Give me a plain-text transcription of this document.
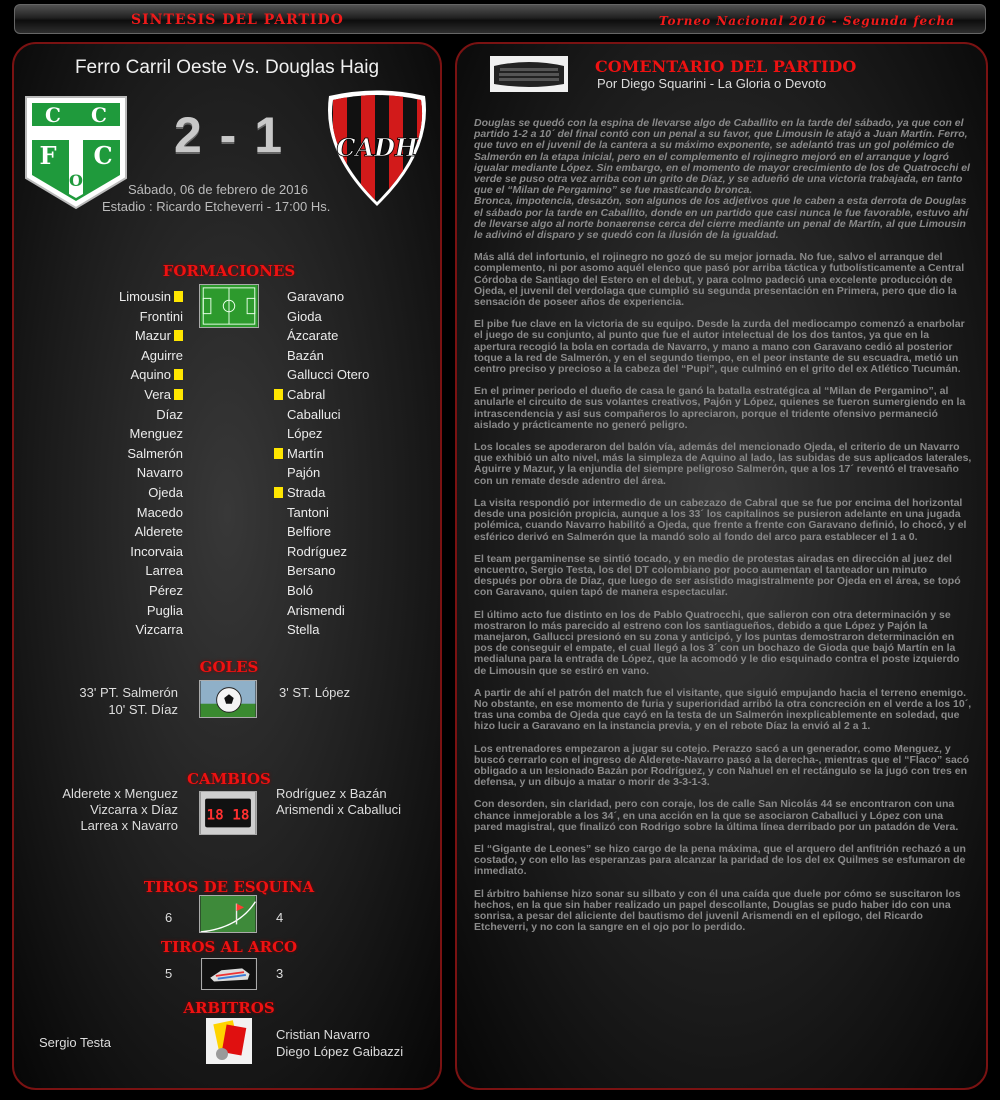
SINTESIS DEL PARTIDO	Torneo Nacional 2016 - Segunda fecha
Ferro Carril Oeste Vs. Douglas Haig
C C
F C
O
2 - 1 CADH
Sábado, 06 de febrero de 2016
Estadio : Ricardo Etcheverri - 17:00 Hs.
FORMACIONES
Limousin
Frontini
Mazur
Aguirre
Aquino
Vera
Díaz
Menguez
Salmerón
Navarro
Ojeda
Macedo
Alderete
Incorvaia
Larrea
Pérez
Puglia
Vizcarra
Garavano
Gioda
Ázcarate
Bazán
Gallucci Otero
Cabral
Caballuci
López
Martín
Pajón
Strada
Tantoni
Belfiore
Rodríguez
Bersano
Boló
Arismendi
Stella
GOLES
33' PT. Salmerón
10' ST. Díaz
3' ST. López
CAMBIOS
Alderete x Menguez
Vizcarra x Díaz
Larrea x Navarro
18 18
Rodríguez x Bazán
Arismendi x Caballuci
TIROS DE ESQUINA
6	4
TIROS AL ARCO
5	3
ARBITROS
Sergio Testa
Cristian Navarro
Diego López Gaibazzi
COMENTARIO DEL PARTIDO
Por Diego Squarini - La Gloria o Devoto

Douglas se quedó con la espina de llevarse algo de Caballito en la tarde del sábado, ya que con el partido 1-2 a 10´ del final contó con un penal a su favor, que Limousin le atajó a Juan Martín. Ferro, que tuvo en el juvenil de la cantera a su máximo exponente, se adelantó tras un gol polémico de Salmerón en la etapa inicial, pero en el complemento el rojinegro mejoró en el arranque y logró igualar mediante López. Sin embargo, en el momento de mayor crecimiento de los de Quatrocchi el verde se puso otra vez arriba con un grito de Díaz, y se adueñó de una victoria trabajada, en tanto que el “Milan de Pergamino” se fue masticando bronca.

Bronca, impotencia, desazón, son algunos de los adjetivos que le caben a esta derrota de Douglas el sábado por la tarde en Caballito, donde en un partido que casi nunca le fue favorable, estuvo ahí de llevarse algo al norte bonaerense cerca del cierre mediante un penal de Martín, al que Limousin le adivinó el disparo y se quedó con la ilusión de la igualdad.

Más allá del infortunio, el rojinegro no gozó de su mejor jornada. No fue, salvo el arranque del complemento, ni por asomo aquél elenco que pasó por arriba táctica y futbolísticamente a Central Córdoba de Santiago del Estero en el debut, y para colmo padeció una excelente producción de Ojeda, el juvenil del verdolaga que cumplió su segunda presentación en Primera, pero que dio la sensación de poseer años de experiencia.

El pibe fue clave en la victoria de su equipo. Desde la zurda del mediocampo comenzó a enarbolar el juego de su conjunto, al punto que fue el autor intelectual de los dos tantos, ya que en la apertura recogió la bola en cortada de Navarro, y mano a mano con Garavano cedió al posterior toque a la red de Salmerón, y en el segundo tiempo, en el peor instante de su escuadra, metió un centro preciso y precioso a la cabeza del “Pupi”, que culminó en el grito del ex Atlético Tucumán.

En el primer periodo el dueño de casa le ganó la batalla estratégica al “Milan de Pergamino”, al anularle el circuito de sus volantes creativos, Pajón y López, quienes se fueron sumergiendo en la intrascendencia y así sus compañeros lo apreciaron, porque el tridente ofensivo permaneció aislado y prácticamente no generó peligro.

Los locales se apoderaron del balón vía, además del mencionado Ojeda, el criterio de un Navarro que exhibió un alto nivel, más la simpleza de Aquino al lado, las subidas de sus aplicados laterales, Aguirre y Mazur, y la enjundia del siempre peligroso Salmerón, que a los 17´ reventó el travesaño con un remate desde adentro del área.

La visita respondió por intermedio de un cabezazo de Cabral que se fue por encima del horizontal desde una posición propicia, aunque a los 33´ los capitalinos se pusieron adelante en una jugada polémica, cuando Navarro habilitó a Ojeda, que frente a frente con Garavano definió, lo chocó, y el esférico derivó en Salmerón que la mandó solo al fondo del arco para establecer el 1 a 0.

El team pergaminense se sintió tocado, y en medio de protestas airadas en dirección al juez del encuentro, Sergio Testa, los del DT colombiano por poco aumentan el tanteador un minuto después por obra de Díaz, que luego de ser asistido magistralmente por Ojeda en el área, se topó con Garavano, quien tapó de manera espectacular.

El último acto fue distinto en los de Pablo Quatrocchi, que salieron con otra determinación y se mostraron lo más parecido al estreno con los santiagueños, debido a que López y Pajón la manejaron, Gallucci presionó en su zona y anticipó, y los puntas demostraron determinación en pos de conseguir el empate, el cual llegó a los 3´ con un bochazo de Gioda que bajó Martín en la medialuna para la entrada de López, que la acomodó y le dio esquinado contra el poste izquierdo de Limousin que se estiró en vano.

A partir de ahí el patrón del match fue el visitante, que siguió empujando hacia el terreno enemigo. No obstante, en ese momento de furia y superioridad arribó la otra concreción en el verde a los 10´, tras una comba de Ojeda que cayó en la testa de un Salmerón inexplicablemente en soledad, que hizo lucir a Garavano en la instancia previa, y en el rebote Díaz la envió al 2 a 1.

Los entrenadores empezaron a jugar su cotejo. Perazzo sacó a un generador, como Menguez, y buscó cerrarlo con el ingreso de Alderete-Navarro pasó a la derecha-, mientras que el “Flaco” sacó obligado a un lesionado Bazán por Rodríguez, y con Nahuel en el rectángulo se la jugó con tres en defensa, y un dibujo a matar o morir de 3-3-1-3.

Con desorden, sin claridad, pero con coraje, los de calle San Nicolás 44 se encontraron con una chance inmejorable a los 34´, en una acción en la que se asociaron Caballuci y López con una pared magistral, que finalizó con Rodrigo sobre la última línea derribado por un patadón de Vera.

El “Gigante de Leones” se hizo cargo de la pena máxima, que el arquero del anfitrión rechazó a un costado, y con ello las esperanzas para alcanzar la paridad de los del ex Quilmes se esfumaron de inmediato.

El árbitro bahiense hizo sonar su silbato y con él una caída que duele por cómo se suscitaron los hechos, en la que sin haber realizado un papel descollante, Douglas se pudo haber ido con una sonrisa, a pesar del aliciente del bautismo del juvenil Arismendi en el epílogo, del Ricardo Etcheverri, y no con la sangre en el ojo por lo perdido.
